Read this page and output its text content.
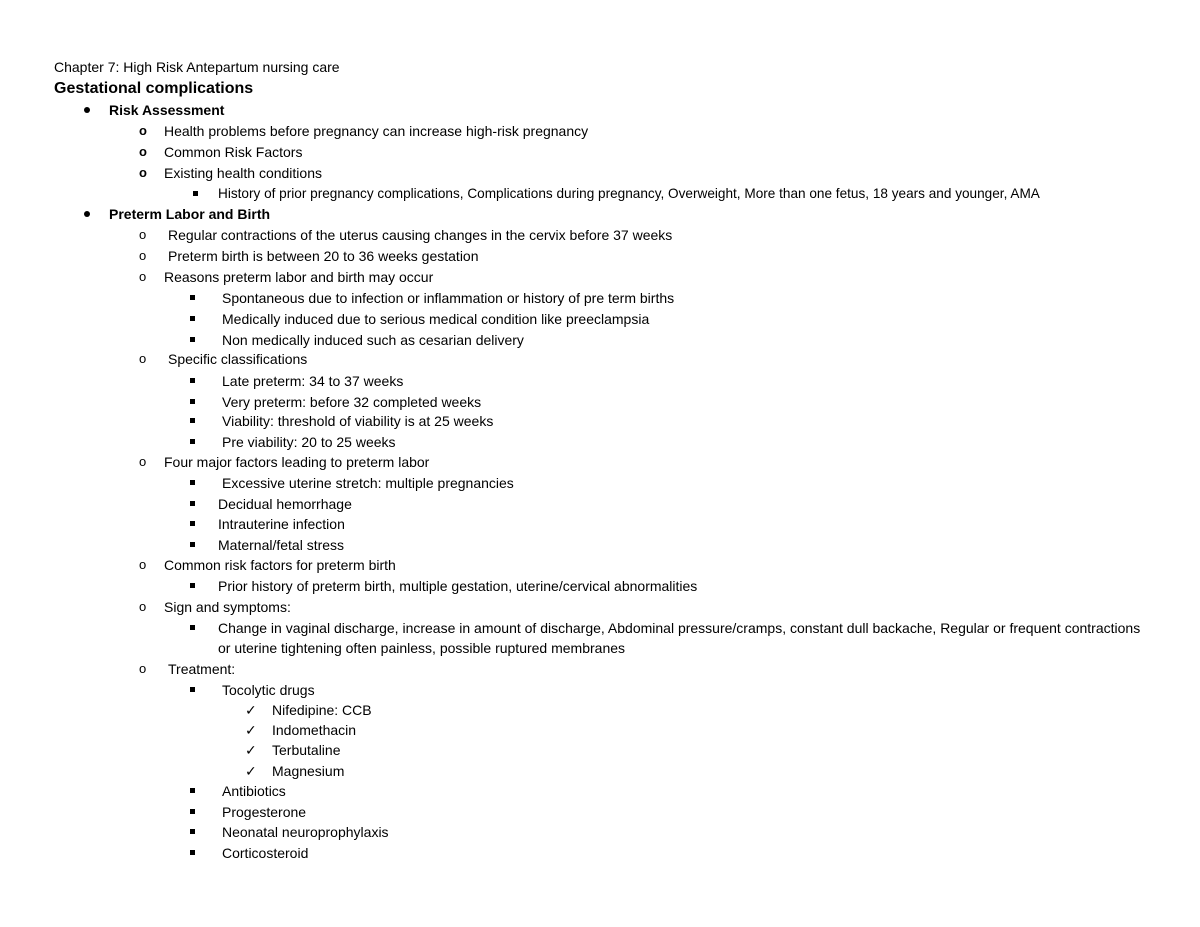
Chapter 7: High Risk Antepartum nursing care
Gestational complications
Risk Assessment
o Health problems before pregnancy can increase high-risk pregnancy
o Common Risk Factors
o Existing health conditions
History of prior pregnancy complications, Complications during pregnancy, Overweight, More than one fetus, 18 years and younger, AMA
Preterm Labor and Birth
o Regular contractions of the uterus causing changes in the cervix before 37 weeks
o Preterm birth is between 20 to 36 weeks gestation
o Reasons preterm labor and birth may occur
Spontaneous due to infection or inflammation or history of pre term births
Medically induced due to serious medical condition like preeclampsia
Non medically induced such as cesarian delivery
o Specific classifications
Late preterm: 34 to 37 weeks
Very preterm: before 32 completed weeks
Viability: threshold of viability is at 25 weeks
Pre viability: 20 to 25 weeks
o Four major factors leading to preterm labor
Excessive uterine stretch: multiple pregnancies
Decidual hemorrhage
Intrauterine infection
Maternal/fetal stress
o Common risk factors for preterm birth
Prior history of preterm birth, multiple gestation, uterine/cervical abnormalities
o Sign and symptoms:
Change in vaginal discharge, increase in amount of discharge, Abdominal pressure/cramps, constant dull backache, Regular or frequent contractions or uterine tightening often painless, possible ruptured membranes
o Treatment:
Tocolytic drugs
✓ Nifedipine: CCB
✓ Indomethacin
✓ Terbutaline
✓ Magnesium
Antibiotics
Progesterone
Neonatal neuroprophylaxis
Corticosteroid
